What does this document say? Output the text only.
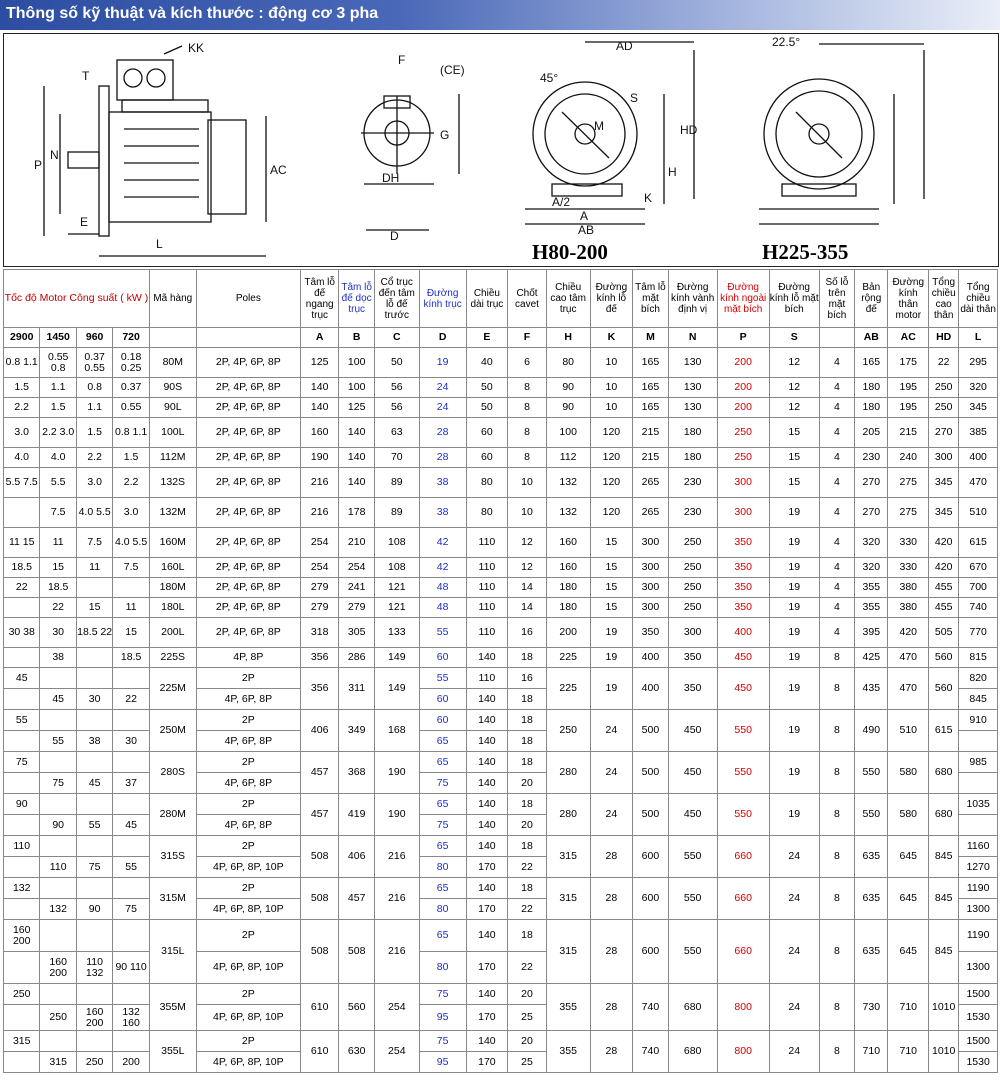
Thông số kỹ thuật và kích thước : động cơ 3 pha
KK
T
P
N
E
L
AC
F
(CE)
G
DH
D
AD
45°
S
M	HD
H
A/2
AB
A
K
22.5°
H80-200	H225-355
Tốc độ Motor Công suất ( kW )				Mã hàng	Poles	Tâm lỗ đế ngang trục	Tâm lỗ đế dọc trục	Cổ trục đến tâm lỗ đế trước	Đường kính trục	Chiều dài trục	Chốt cavet	Chiều cao tâm trục	Đường kính lỗ đế	Tâm lỗ mặt bích	Đường kính vành định vị	Đường kính ngoài mặt bích	Đường kính lỗ mặt bích	Số lỗ trên mặt bích	Bản rộng đế	Đường kính thân motor	Tổng chiều cao thân	Tổng chiều dài thân
2900	1450	960	720			A	B	C	D	E	F	H	K	M	N	P	S		AB	AC	HD	L
0.8 1.1	0.55 0.8	0.37 0.55	0.18 0.25	80M	2P, 4P, 6P, 8P	125	100	50	19	40	6	80	10	165	130	200	12	4	165	175	22	295
1.5	1.1	0.8	0.37	90S	2P, 4P, 6P, 8P	140	100	56	24	50	8	90	10	165	130	200	12	4	180	195	250	320
2.2	1.5	1.1	0.55	90L	2P, 4P, 6P, 8P	140	125	56	24	50	8	90	10	165	130	200	12	4	180	195	250	345
3.0	2.2 3.0	1.5	0.8 1.1	100L	2P, 4P, 6P, 8P	160	140	63	28	60	8	100	120	215	180	250	15	4	205	215	270	385
4.0	4.0	2.2	1.5	112M	2P, 4P, 6P, 8P	190	140	70	28	60	8	112	120	215	180	250	15	4	230	240	300	400
5.5 7.5	5.5	3.0	2.2	132S	2P, 4P, 6P, 8P	216	140	89	38	80	10	132	120	265	230	300	15	4	270	275	345	470
	7.5	4.0 5.5	3.0	132M	2P, 4P, 6P, 8P	216	178	89	38	80	10	132	120	265	230	300	19	4	270	275	345	510
11 15	11	7.5	4.0 5.5	160M	2P, 4P, 6P, 8P	254	210	108	42	110	12	160	15	300	250	350	19	4	320	330	420	615
18.5	15	11	7.5	160L	2P, 4P, 6P, 8P	254	254	108	42	110	12	160	15	300	250	350	19	4	320	330	420	670
22	18.5			180M	2P, 4P, 6P, 8P	279	241	121	48	110	14	180	15	300	250	350	19	4	355	380	455	700
	22	15	11	180L	2P, 4P, 6P, 8P	279	279	121	48	110	14	180	15	300	250	350	19	4	355	380	455	740
30 38	30	18.5 22	15	200L	2P, 4P, 6P, 8P	318	305	133	55	110	16	200	19	350	300	400	19	4	395	420	505	770
	38		18.5	225S	4P, 8P	356	286	149	60	140	18	225	19	400	350	450	19	8	425	470	560	815
45				225M	2P	356	311	149	55	110	16	225	19	400	350	450	19	8	435	470	560	820
	45	30	22		4P, 6P, 8P				60	140	18											845
55				250M	2P	406	349	168	60	140	18	250	24	500	450	550	19	8	490	510	615	910
	55	38	30		4P, 6P, 8P				65	140	18											
75				280S	2P	457	368	190	65	140	18	280	24	500	450	550	19	8	550	580	680	985
	75	45	37		4P, 6P, 8P				75	140	20											
90				280M	2P	457	419	190	65	140	18	280	24	500	450	550	19	8	550	580	680	1035
	90	55	45		4P, 6P, 8P				75	140	20											
110				315S	2P	508	406	216	65	140	18	315	28	600	550	660	24	8	635	645	845	1160
	110	75	55		4P, 6P, 8P, 10P				80	170	22											1270
132				315M	2P	508	457	216	65	140	18	315	28	600	550	660	24	8	635	645	845	1190
	132	90	75		4P, 6P, 8P, 10P				80	170	22											1300
160 200				315L	2P	508	508	216	65	140	18	315	28	600	550	660	24	8	635	645	845	1190
	160 200	110 132	90 110		4P, 6P, 8P, 10P				80	170	22											1300
250				355M	2P	610	560	254	75	140	20	355	28	740	680	800	24	8	730	710	1010	1500
	250	160 200	132 160		4P, 6P, 8P, 10P				95	170	25											1530
315				355L	2P	610	630	254	75	140	20	355	28	740	680	800	24	8	710	710	1010	1500
	315	250	200		4P, 6P, 8P, 10P				95	170	25											1530
